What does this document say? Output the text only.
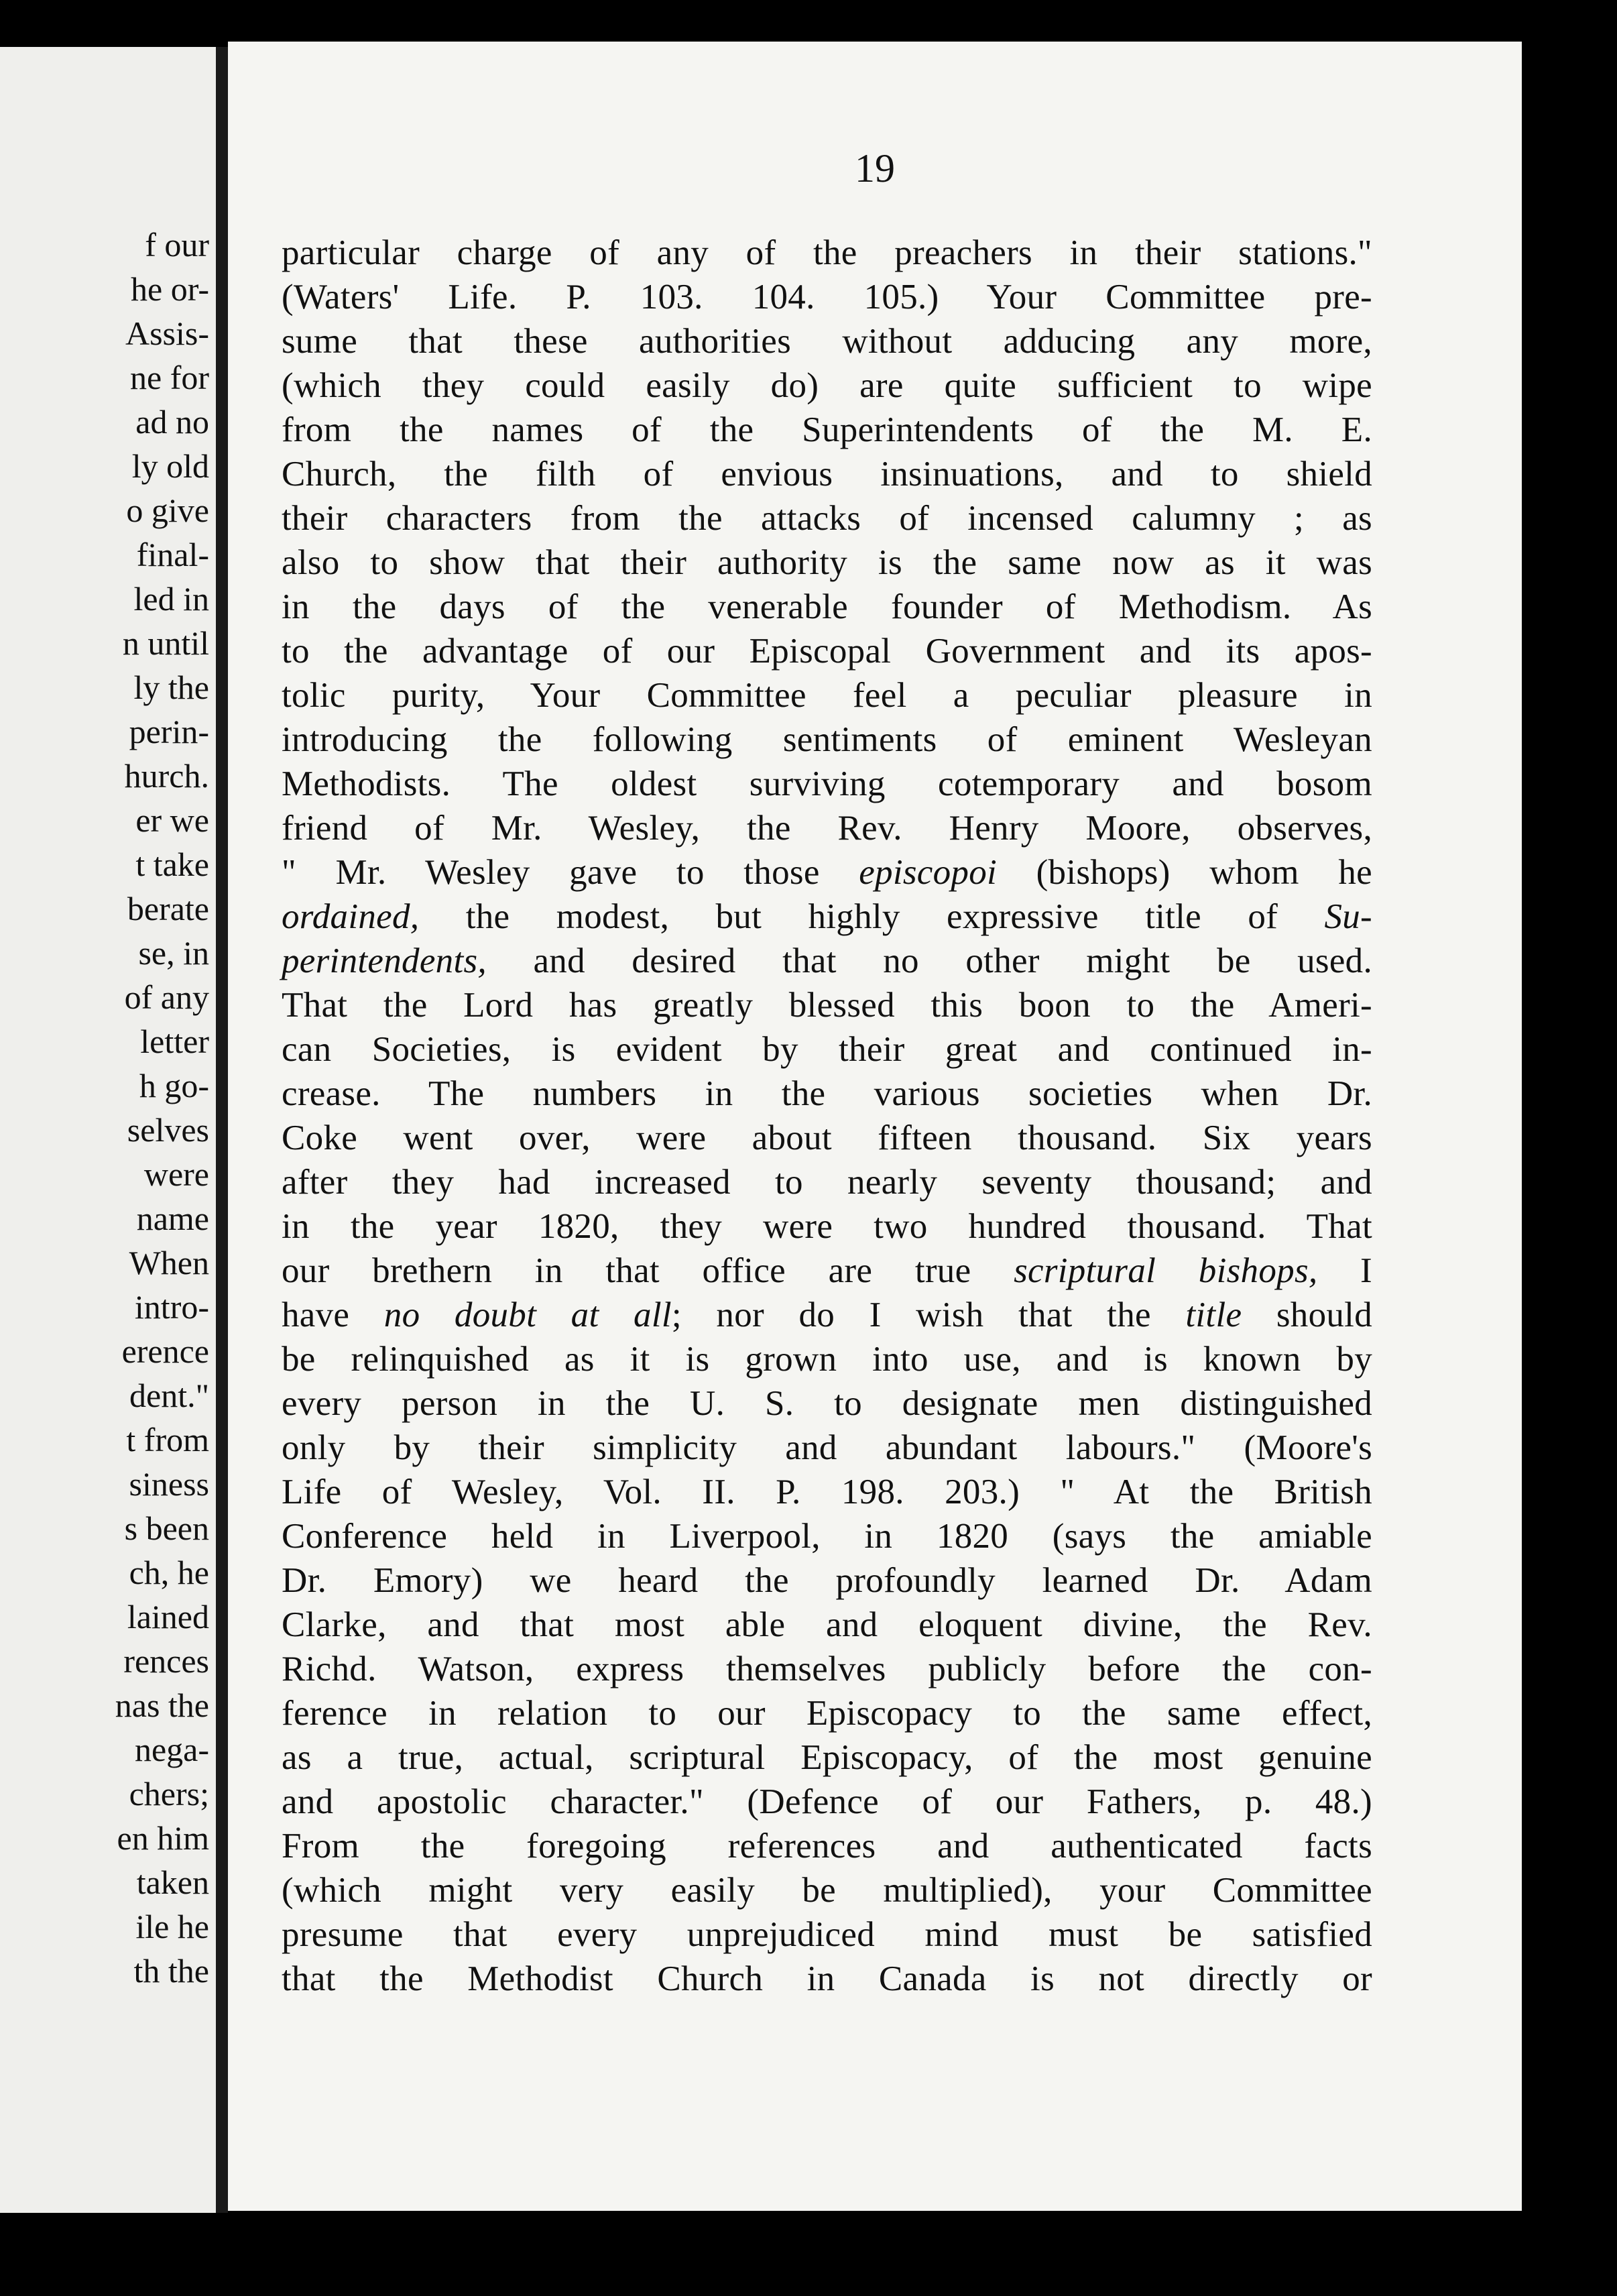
f our
he or-
Assis-
ne for
ad no
ly old
o give
final-
led in
n until
ly the
perin-
hurch.
er we
t take
berate
se, in
of any
letter
h go-
selves
were
name
When
intro-
erence
dent."
t from
siness
s been
ch, he
lained
rences
nas the
nega-
chers;
en him
taken
ile he
th the
19
particular charge of any of the preachers in their stations."
(Waters' Life. P. 103. 104. 105.) Your Committee pre-
sume that these authorities without adducing any more,
(which they could easily do) are quite sufficient to wipe
from the names of the Superintendents of the M. E.
Church, the filth of envious insinuations, and to shield
their characters from the attacks of incensed calumny ; as
also to show that their authority is the same now as it was
in the days of the venerable founder of Methodism. As
to the advantage of our Episcopal Government and its apos-
tolic purity, Your Committee feel a peculiar pleasure in
introducing the following sentiments of eminent Wesleyan
Methodists. The oldest surviving cotemporary and bosom
friend of Mr. Wesley, the Rev. Henry Moore, observes,
" Mr. Wesley gave to those episcopoi (bishops) whom he
ordained, the modest, but highly expressive title of Su-
perintendents, and desired that no other might be used.
That the Lord has greatly blessed this boon to the Ameri-
can Societies, is evident by their great and continued in-
crease. The numbers in the various societies when Dr.
Coke went over, were about fifteen thousand. Six years
after they had increased to nearly seventy thousand; and
in the year 1820, they were two hundred thousand. That
our brethern in that office are true scriptural bishops, I
have no doubt at all; nor do I wish that the title should
be relinquished as it is grown into use, and is known by
every person in the U. S. to designate men distinguished
only by their simplicity and abundant labours." (Moore's
Life of Wesley, Vol. II. P. 198. 203.) " At the British
Conference held in Liverpool, in 1820 (says the amiable
Dr. Emory) we heard the profoundly learned Dr. Adam
Clarke, and that most able and eloquent divine, the Rev.
Richd. Watson, express themselves publicly before the con-
ference in relation to our Episcopacy to the same effect,
as a true, actual, scriptural Episcopacy, of the most genuine
and apostolic character." (Defence of our Fathers, p. 48.)
From the foregoing references and authenticated facts
(which might very easily be multiplied), your Committee
presume that every unprejudiced mind must be satisfied
that the Methodist Church in Canada is not directly or
